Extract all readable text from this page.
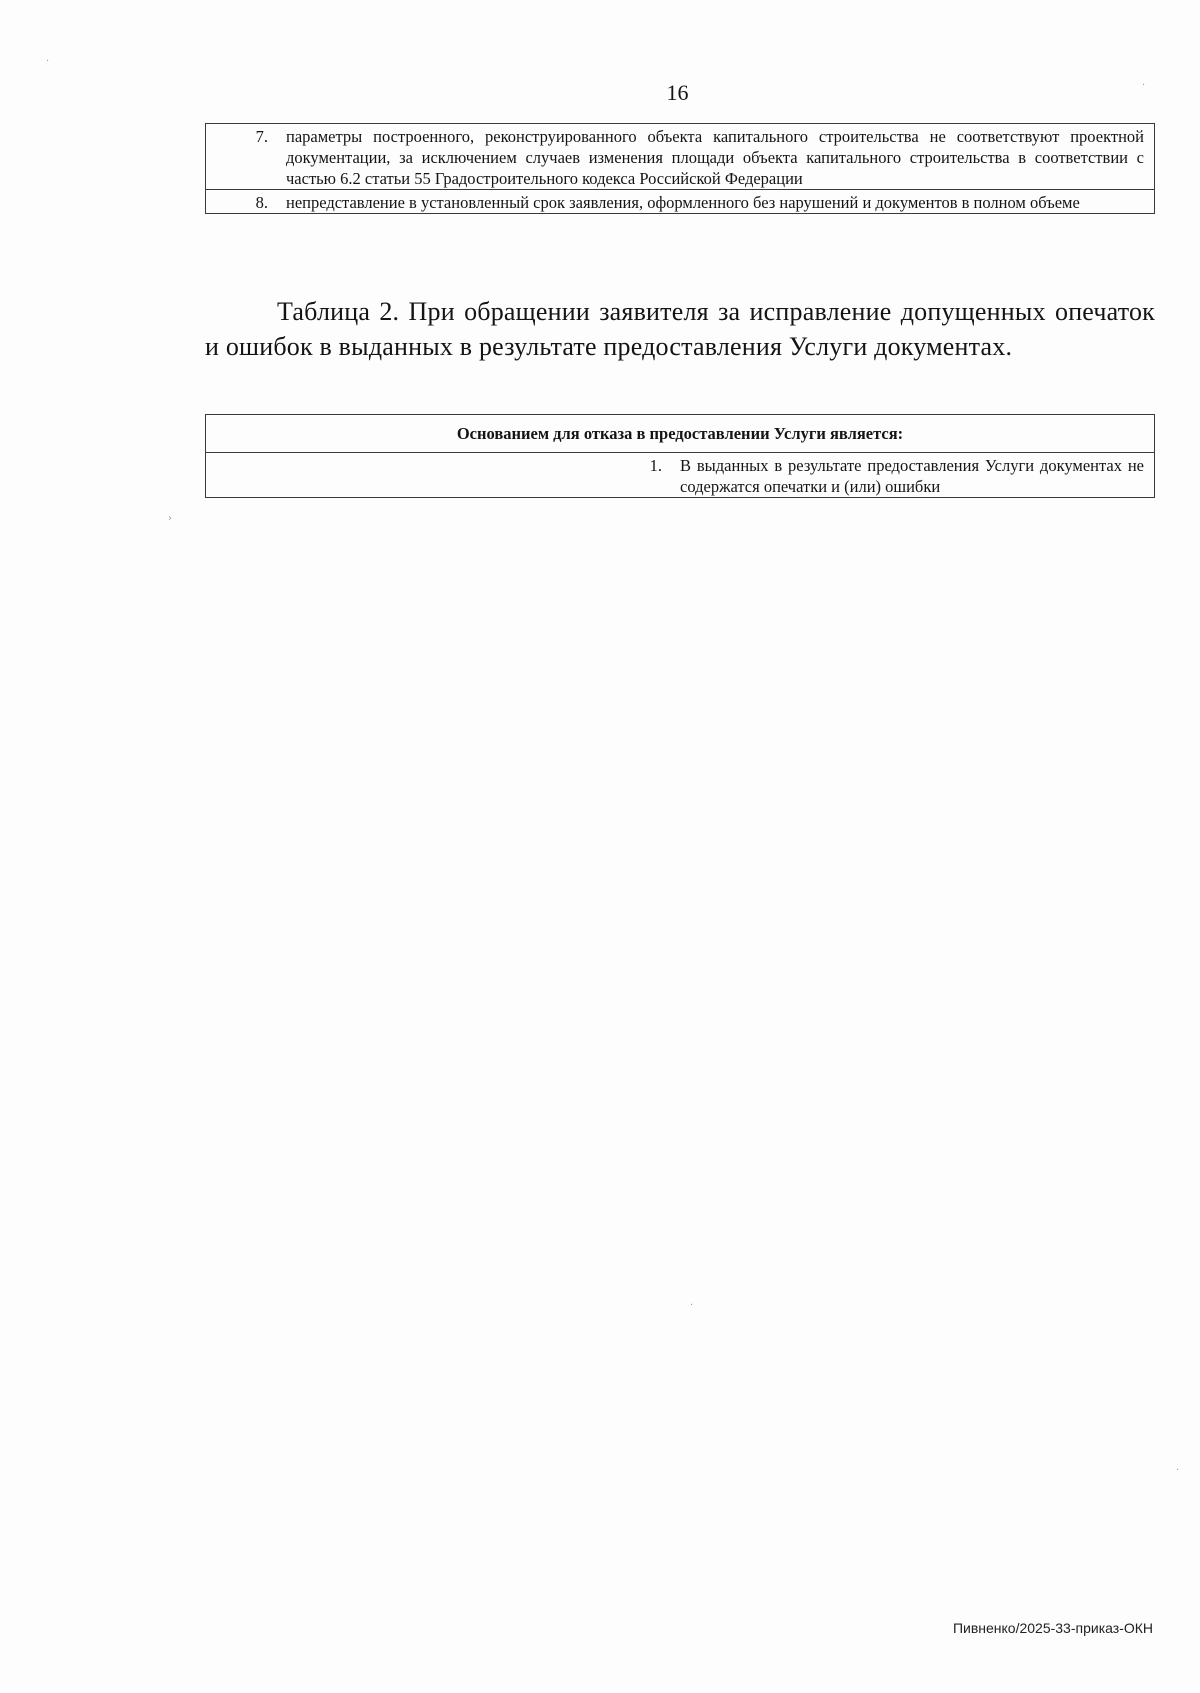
16
7.	параметры построенного, реконструированного объекта капитального строительства не соответствуют проектной документации, за исключением случаев изменения площади объекта капитального строительства в соответствии с частью 6.2 статьи 55 Градостроительного кодекса Российской Федерации
8.	непредставление в установленный срок заявления, оформленного без нарушений и документов в полном объеме
Таблица 2. При обращении заявителя за исправление допущенных опечаток и ошибок в выданных в результате предоставления Услуги документах.
Основанием для отказа в предоставлении Услуги является:
1.	В выданных в результате предоставления Услуги документах не содержатся опечатки и (или) ошибки
Пивненко/2025-33-приказ-ОКН
·
·
›
·
·
